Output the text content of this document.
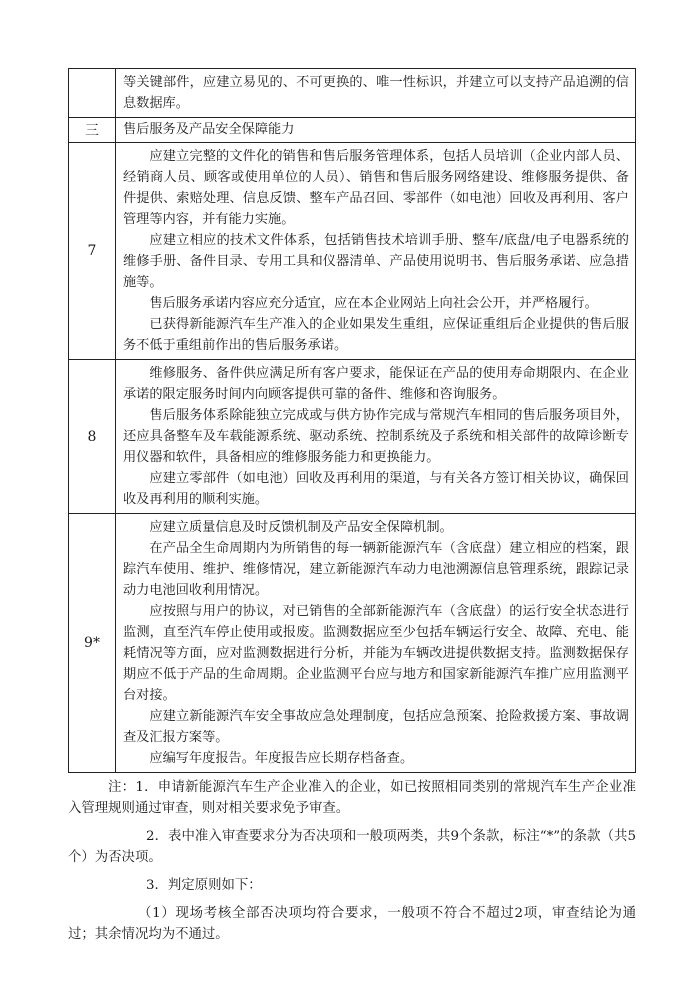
	等关键部件，应建立易见的、不可更换的、唯一性标识，并建立可以支持产品追溯的信息数据库。

三	售后服务及产品安全保障能力
7	应建立完整的文件化的销售和售后服务管理体系，包括人员培训（企业内部人员、经销商人员、顾客或使用单位的人员）、销售和售后服务网络建设、维修服务提供、备件提供、索赔处理、信息反馈、整车产品召回、零部件（如电池）回收及再利用、客户管理等内容，并有能力实施。

应建立相应的技术文件体系，包括销售技术培训手册、整车/底盘/电子电器系统的维修手册、备件目录、专用工具和仪器清单、产品使用说明书、售后服务承诺、应急措施等。

售后服务承诺内容应充分适宜，应在本企业网站上向社会公开，并严格履行。

已获得新能源汽车生产准入的企业如果发生重组，应保证重组后企业提供的售后服务不低于重组前作出的售后服务承诺。

8	维修服务、备件供应满足所有客户要求，能保证在产品的使用寿命期限内、在企业承诺的限定服务时间内向顾客提供可靠的备件、维修和咨询服务。

售后服务体系除能独立完成或与供方协作完成与常规汽车相同的售后服务项目外，还应具备整车及车载能源系统、驱动系统、控制系统及子系统和相关部件的故障诊断专用仪器和软件，具备相应的维修服务能力和更换能力。

应建立零部件（如电池）回收及再利用的渠道，与有关各方签订相关协议，确保回收及再利用的顺利实施。

9*	应建立质量信息及时反馈机制及产品安全保障机制。

在产品全生命周期内为所销售的每一辆新能源汽车（含底盘）建立相应的档案，跟踪汽车使用、维护、维修情况，建立新能源汽车动力电池溯源信息管理系统，跟踪记录动力电池回收利用情况。

应按照与用户的协议，对已销售的全部新能源汽车（含底盘）的运行安全状态进行监测，直至汽车停止使用或报废。监测数据应至少包括车辆运行安全、故障、充电、能耗情况等方面，应对监测数据进行分析，并能为车辆改进提供数据支持。监测数据保存期应不低于产品的生命周期。企业监测平台应与地方和国家新能源汽车推广应用监测平台对接。

应建立新能源汽车安全事故应急处理制度，包括应急预案、抢险救援方案、事故调查及汇报方案等。

应编写年度报告。年度报告应长期存档备查。

注：1．申请新能源汽车生产企业准入的企业，如已按照相同类别的常规汽车生产企业准入管理规则通过审查，则对相关要求免予审查。

2．表中准入审查要求分为否决项和一般项两类，共9个条款，标注“*”的条款（共5个）为否决项。

3．判定原则如下：

（1）现场考核全部否决项均符合要求，一般项不符合不超过2项，审查结论为通过；其余情况均为不通过。
